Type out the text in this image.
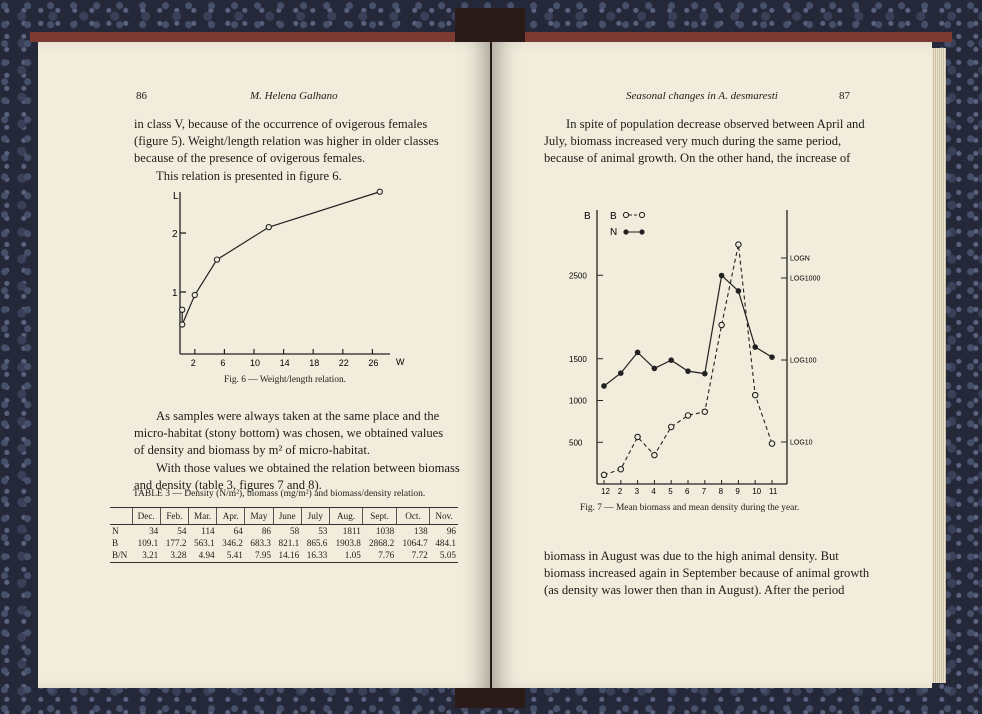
86	M. Helena Galhano

in class V, because of the occurrence of ovigerous females

(figure 5). Weight/length relation was higher in older classes

because of the presence of ovigerous females.

This relation is presented in figure 6.

L
2
1
W
2	6	10 14 18 22 26
Fig. 6 — Weight/length relation.

As samples were always taken at the same place and the

micro-habitat (stony bottom) was chosen, we obtained values

of density and biomass by m² of micro-habitat.

With those values we obtained the relation between biomass

and density (table 3, figures 7 and 8).

TABLE 3 — Density (N/m²), biomass (mg/m²) and biomass/density relation.
	Dec.	Feb.	Mar.	Apr.	May	June	July	Aug.	Sept.	Oct.	Nov.
N	34	54	114	64	86	58	53	1811	1038	138	96
B	109.1	177.2	563.1	346.2	683.3	821.1	865.6	1903.8	2868.2	1064.7	484.1
B/N	3.21	3.28	4.94	5.41	7.95	14.16	16.33	1.05	7.76	7.72	5.05
Seasonal changes in A. desmaresti	87

In spite of population decrease observed between April and

July, biomass increased very much during the same period,

because of animal growth. On the other hand, the increase of

B B
N
500
1000
1500
2500
LOGN
LOG1000
LOG100
LOG10
12 2 3 4 5 6 7 8 9 10 11
Fig. 7 — Mean biomass and mean density during the year.

biomass in August was due to the high animal density. But

biomass increased again in September because of animal growth

(as density was lower then than in August). After the period
